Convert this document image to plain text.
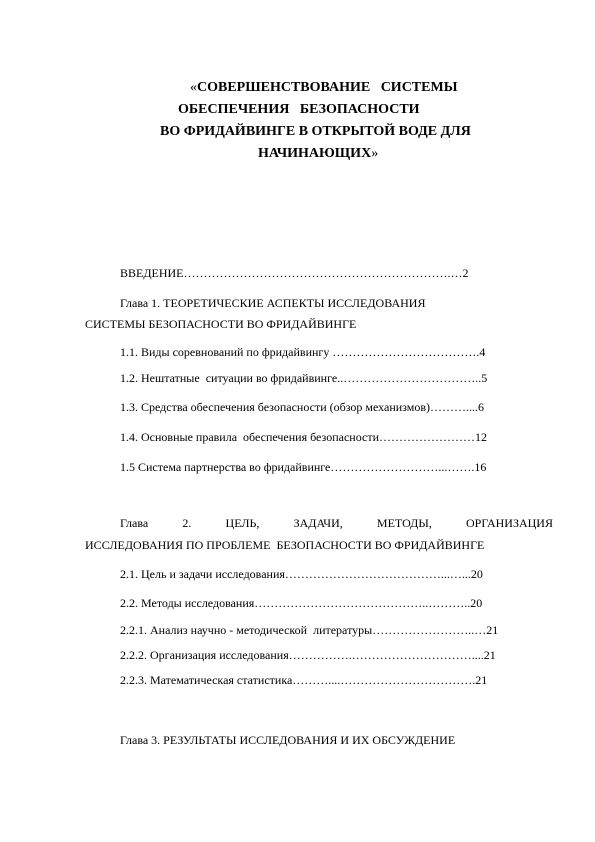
«СОВЕРШЕНСТВОВАНИЕ   СИСТЕМЫ
ОБЕСПЕЧЕНИЯ   БЕЗОПАСНОСТИ
ВО ФРИДАЙВИНГЕ В ОТКРЫТОЙ ВОДЕ ДЛЯ
НАЧИНАЮЩИХ»
ВВЕДЕНИЕ………………………………………………………….…2
Глава 1. ТЕОРЕТИЧЕСКИЕ АСПЕКТЫ ИССЛЕДОВАНИЯ
СИСТЕМЫ БЕЗОПАСНОСТИ ВО ФРИДАЙВИНГЕ
1.1. Виды соревнований по фридайвингу ……………………………….4
1.2. Нештатные  ситуации во фридайвинге..……………………………..5
1.3. Средства обеспечения безопасности (обзор механизмов)………....6
1.4. Основные правила  обеспечения безопасности……………………12
1.5 Система партнерства во фридайвинге………………………...…….16
Глава	2.	ЦЕЛЬ,	ЗАДАЧИ,	МЕТОДЫ,	ОРГАНИЗАЦИЯ
ИССЛЕДОВАНИЯ ПО ПРОБЛЕМЕ  БЕЗОПАСНОСТИ ВО ФРИДАЙВИНГЕ
2.1. Цель и задачи исследования…………………………………...…...20
2.2. Методы исследования……………………………………..………..20
2.2.1. Анализ научно - методической  литературы……………………..…21
2.2.2. Организация исследования…………….…………………………....21
2.2.3. Математическая статистика………....…………………………….21
Глава 3. РЕЗУЛЬТАТЫ ИССЛЕДОВАНИЯ И ИХ ОБСУЖДЕНИЕ
